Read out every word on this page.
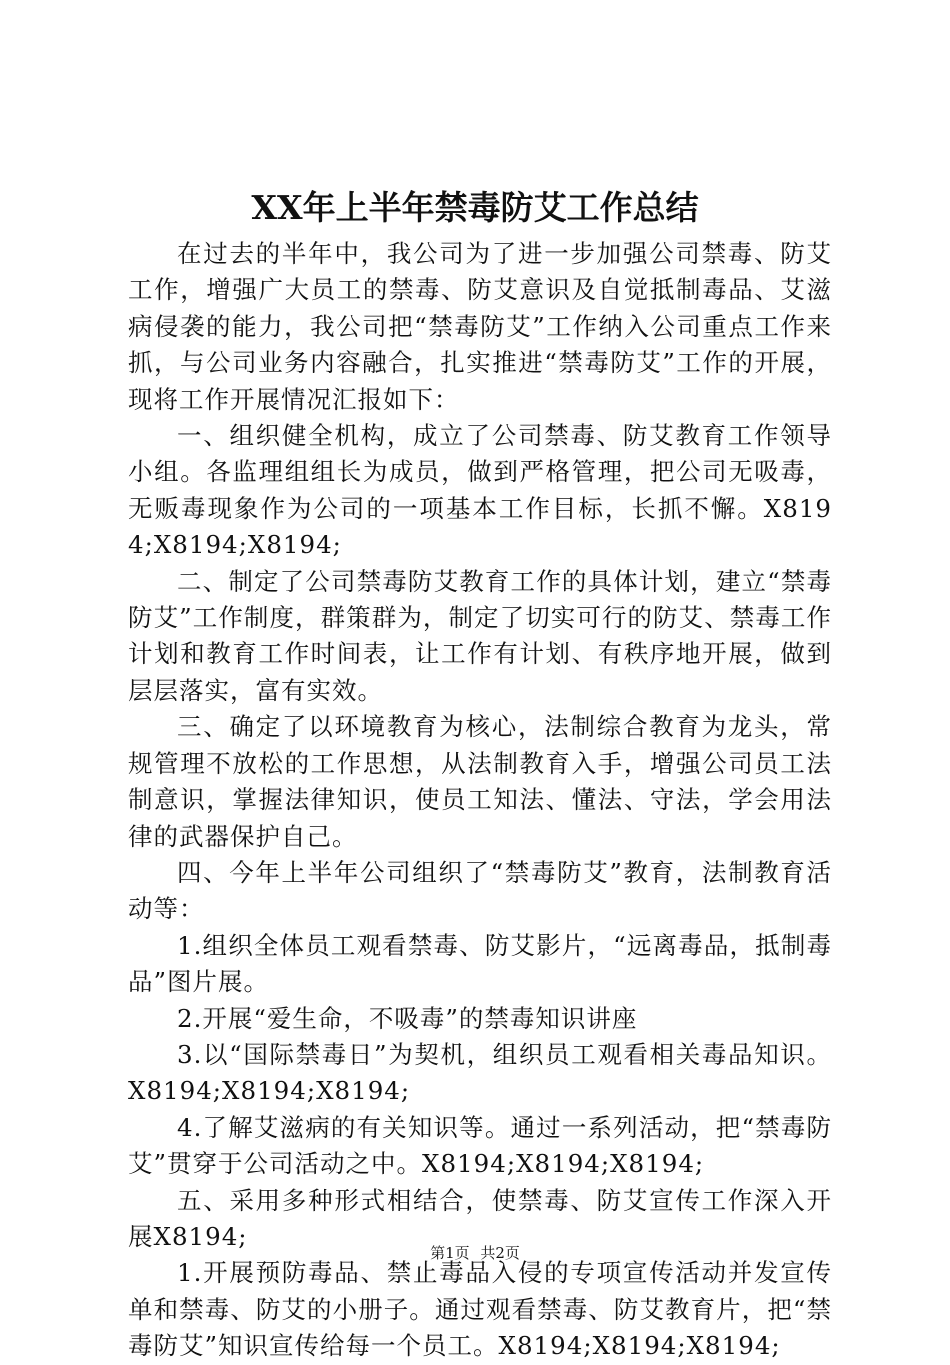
XX年上半年禁毒防艾工作总结

在过去的半年中，我公司为了进一步加强公司禁毒、防艾工作，增强广大员工的禁毒、防艾意识及自觉抵制毒品、艾滋病侵袭的能力，我公司把“禁毒防艾”工作纳入公司重点工作来抓，与公司业务内容融合，扎实推进“禁毒防艾”工作的开展，现将工作开展情况汇报如下：

一、组织健全机构，成立了公司禁毒、防艾教育工作领导小组。各监理组组长为成员，做到严格管理，把公司无吸毒，无贩毒现象作为公司的一项基本工作目标，长抓不懈。X8194;X8194;X8194;

二、制定了公司禁毒防艾教育工作的具体计划，建立“禁毒防艾”工作制度，群策群为，制定了切实可行的防艾、禁毒工作计划和教育工作时间表，让工作有计划、有秩序地开展，做到层层落实，富有实效。

三、确定了以环境教育为核心，法制综合教育为龙头，常规管理不放松的工作思想，从法制教育入手，增强公司员工法制意识，掌握法律知识，使员工知法、懂法、守法，学会用法律的武器保护自己。

四、今年上半年公司组织了“禁毒防艾”教育，法制教育活动等：

1.组织全体员工观看禁毒、防艾影片，“远离毒品，抵制毒品”图片展。

2.开展“爱生命，不吸毒”的禁毒知识讲座

3.以“国际禁毒日”为契机，组织员工观看相关毒品知识。X8194;X8194;X8194;

4.了解艾滋病的有关知识等。通过一系列活动，把“禁毒防艾”贯穿于公司活动之中。X8194;X8194;X8194;

五、采用多种形式相结合，使禁毒、防艾宣传工作深入开展X8194;

1.开展预防毒品、禁止毒品入侵的专项宣传活动并发宣传单和禁毒、防艾的小册子。通过观看禁毒、防艾教育片，把“禁毒防艾”知识宣传给每一个员工。X8194;X8194;X8194;

第1页 共2页
